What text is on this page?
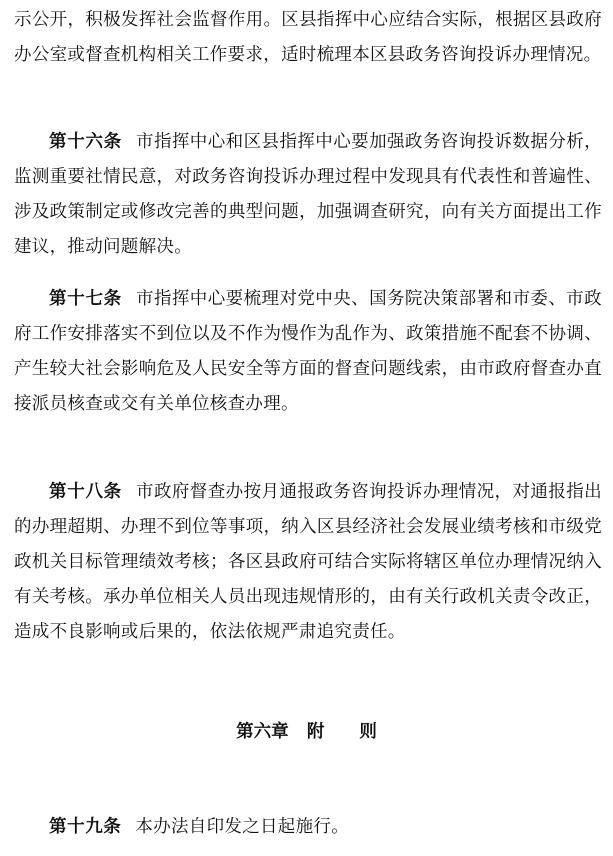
示公开，积极发挥社会监督作用。区县指挥中心应结合实际，根据区县政府办公室或督查机构相关工作要求，适时梳理本区县政务咨询投诉办理情况。

第十六条 市指挥中心和区县指挥中心要加强政务咨询投诉数据分析，监测重要社情民意，对政务咨询投诉办理过程中发现具有代表性和普遍性、涉及政策制定或修改完善的典型问题，加强调查研究，向有关方面提出工作建议，推动问题解决。

第十七条 市指挥中心要梳理对党中央、国务院决策部署和市委、市政府工作安排落实不到位以及不作为慢作为乱作为、政策措施不配套不协调、产生较大社会影响危及人民安全等方面的督查问题线索，由市政府督查办直接派员核查或交有关单位核查办理。

第十八条 市政府督查办按月通报政务咨询投诉办理情况，对通报指出的办理超期、办理不到位等事项，纳入区县经济社会发展业绩考核和市级党政机关目标管理绩效考核；各区县政府可结合实际将辖区单位办理情况纳入有关考核。承办单位相关人员出现违规情形的，由有关行政机关责令改正，造成不良影响或后果的，依法依规严肃追究责任。

第六章 附　　则

第十九条 本办法自印发之日起施行。
